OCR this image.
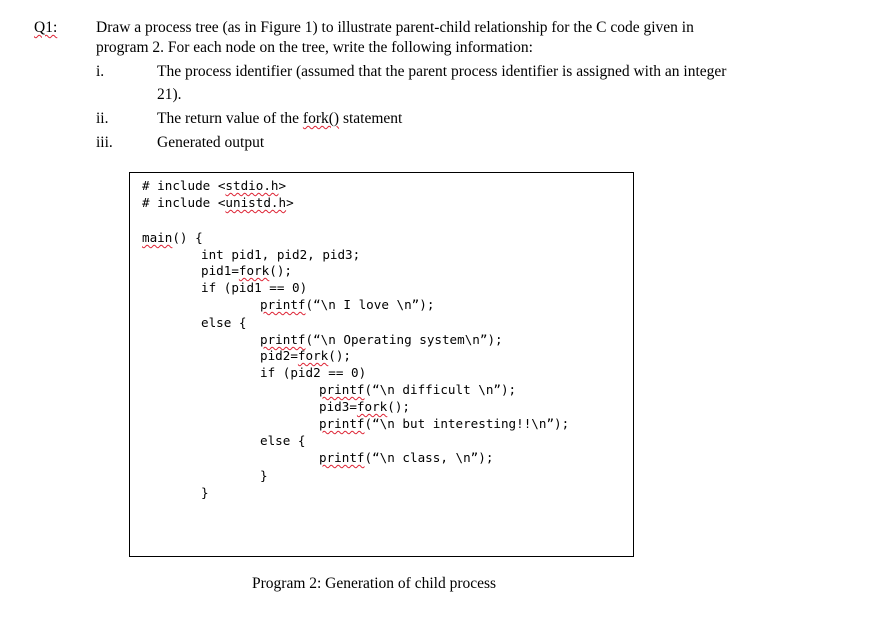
Q1:	Draw a process tree (as in Figure 1) to illustrate parent-child relationship for the C code given in
program 2. For each node on the tree, write the following information:
i.	The process identifier (assumed that the parent process identifier is assigned with an integer
21).
ii.	The return value of the fork() statement
iii.	Generated output
# include <stdio.h>
# include <unistd.h>
main() {
int pid1, pid2, pid3;
pid1=fork();
if (pid1 == 0)
printf(“\n I love \n”);
else {
printf(“\n Operating system\n”);
pid2=fork();
if (pid2 == 0)
printf(“\n difficult \n”);
pid3=fork();
printf(“\n but interesting!!\n”);
else {
printf(“\n class, \n”);
}
}
Program 2: Generation of child process
